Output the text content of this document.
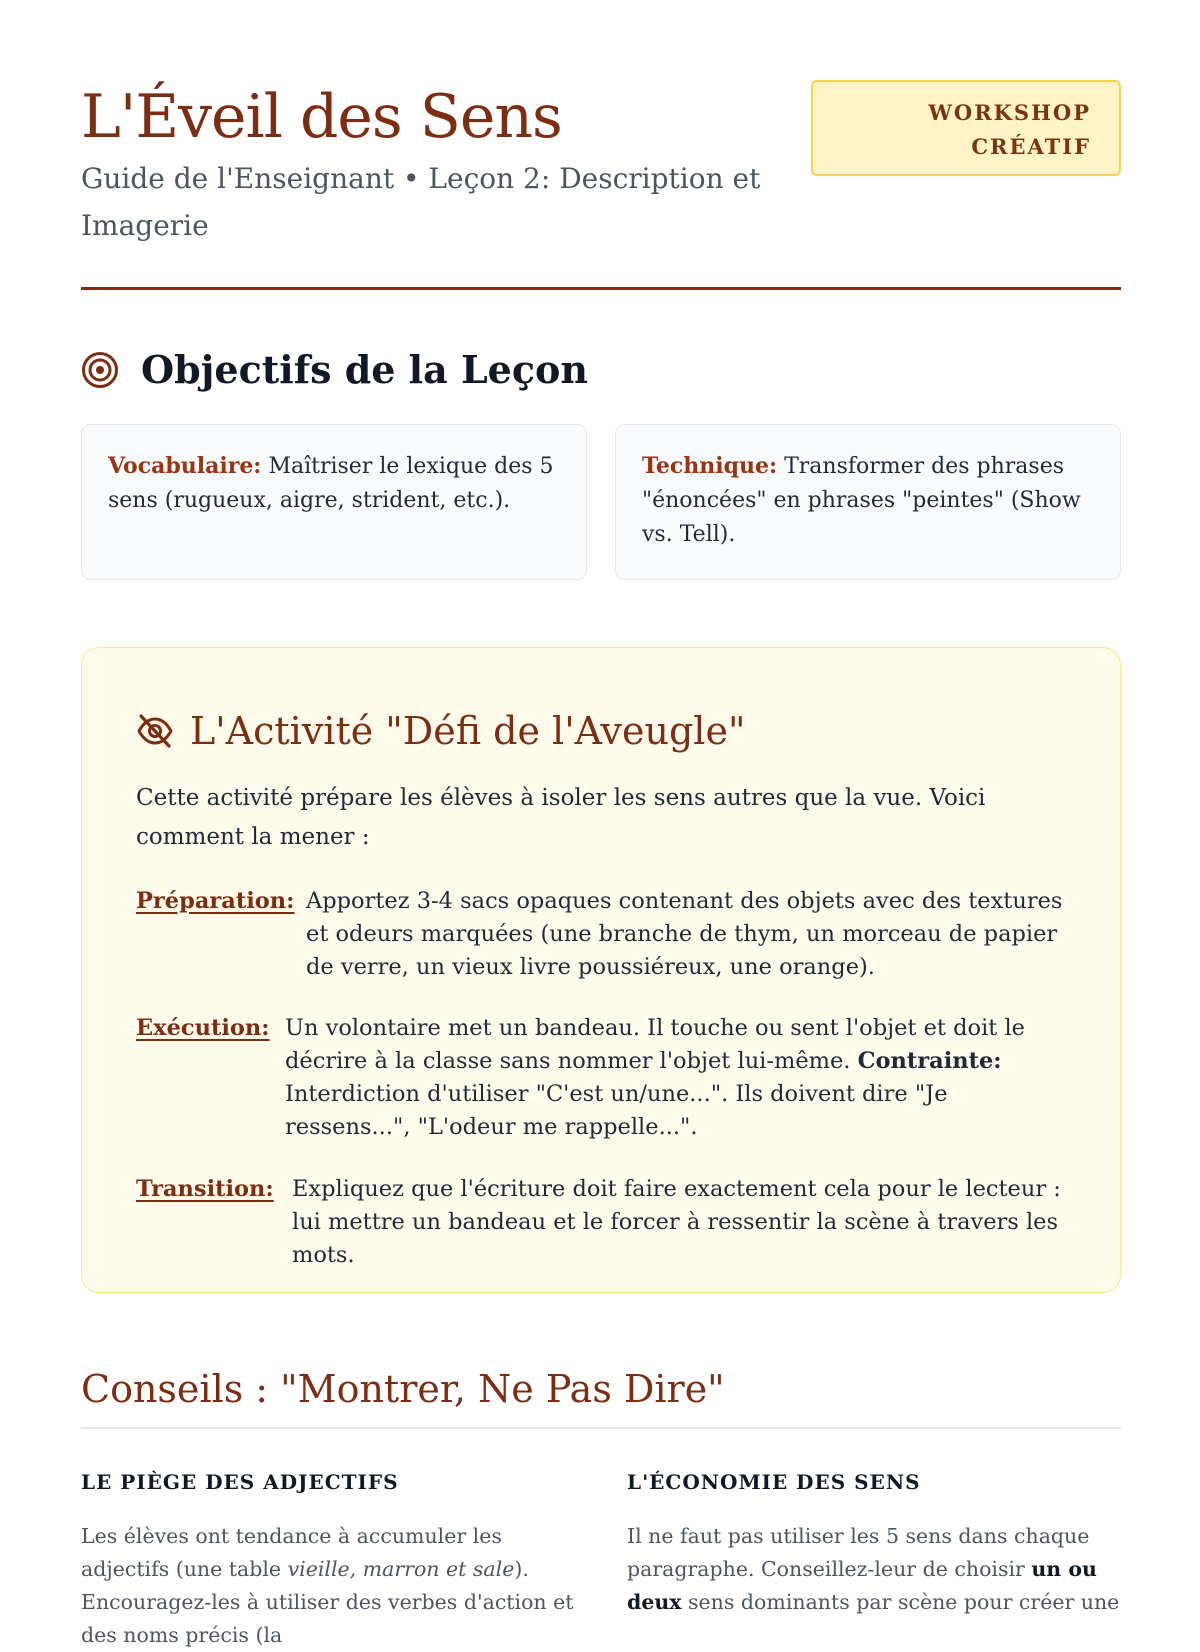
L'Éveil des Sens
Guide de l'Enseignant • Leçon 2: Description et Imagerie
WORKSHOP
CRÉATIF
Objectifs de la Leçon
Vocabulaire: Maîtriser le lexique des 5 sens (rugueux, aigre, strident, etc.).
Technique: Transformer des phrases "énoncées" en phrases "peintes" (Show vs. Tell).
L'Activité "Défi de l'Aveugle"
Cette activité prépare les élèves à isoler les sens autres que la vue. Voici comment la mener :
Préparation: Apportez 3-4 sacs opaques contenant des objets avec des textures et odeurs marquées (une branche de thym, un morceau de papier de verre, un vieux livre poussiéreux, une orange).
Exécution: Un volontaire met un bandeau. Il touche ou sent l'objet et doit le décrire à la classe sans nommer l'objet lui-même. Contrainte: Interdiction d'utiliser "C'est un/une...". Ils doivent dire "Je ressens...", "L'odeur me rappelle...".
Transition: Expliquez que l'écriture doit faire exactement cela pour le lecteur : lui mettre un bandeau et le forcer à ressentir la scène à travers les mots.
Conseils : "Montrer, Ne Pas Dire"
LE PIÈGE DES ADJECTIFS
Les élèves ont tendance à accumuler les adjectifs (une table vieille, marron et sale). Encouragez-les à utiliser des verbes d'action et des noms précis (la
L'ÉCONOMIE DES SENS
Il ne faut pas utiliser les 5 sens dans chaque paragraphe. Conseillez-leur de choisir un ou deux sens dominants par scène pour créer une
